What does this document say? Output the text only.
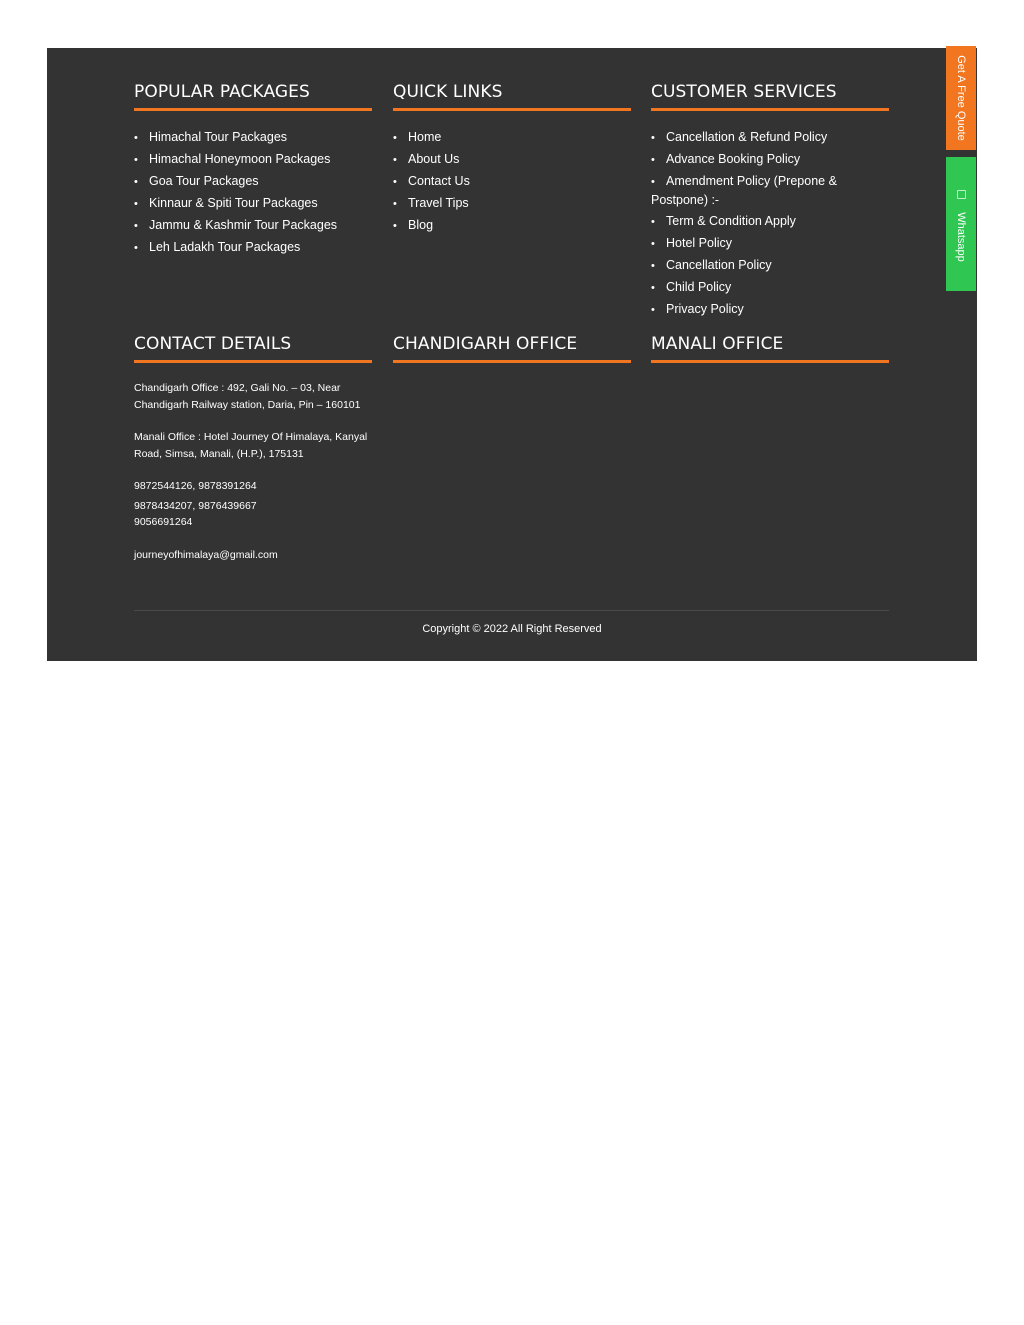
POPULAR PACKAGES
• Himachal Tour Packages
• Himachal Honeymoon Packages
• Goa Tour Packages
• Kinnaur & Spiti Tour Packages
• Jammu & Kashmir Tour Packages
• Leh Ladakh Tour Packages
QUICK LINKS
• Home
• About Us
• Contact Us
• Travel Tips
• Blog
CUSTOMER SERVICES
• Cancellation & Refund Policy
• Advance Booking Policy
• Amendment Policy (Prepone & Postpone) :-
• Term & Condition Apply
• Hotel Policy
• Cancellation Policy
• Child Policy
• Privacy Policy
CONTACT DETAILS

Chandigarh Office : 492, Gali No. – 03, Near Chandigarh Railway station, Daria, Pin – 160101

Manali Office : Hotel Journey Of Himalaya, Kanyal Road, Simsa, Manali, (H.P.), 175131

9872544126, 9878391264

9878434207, 9876439667

9056691264

journeyofhimalaya@gmail.com

CHANDIGARH OFFICE	MANALI OFFICE
Copyright © 2022 All Right Reserved
Get A Free Quote
Whatsapp
